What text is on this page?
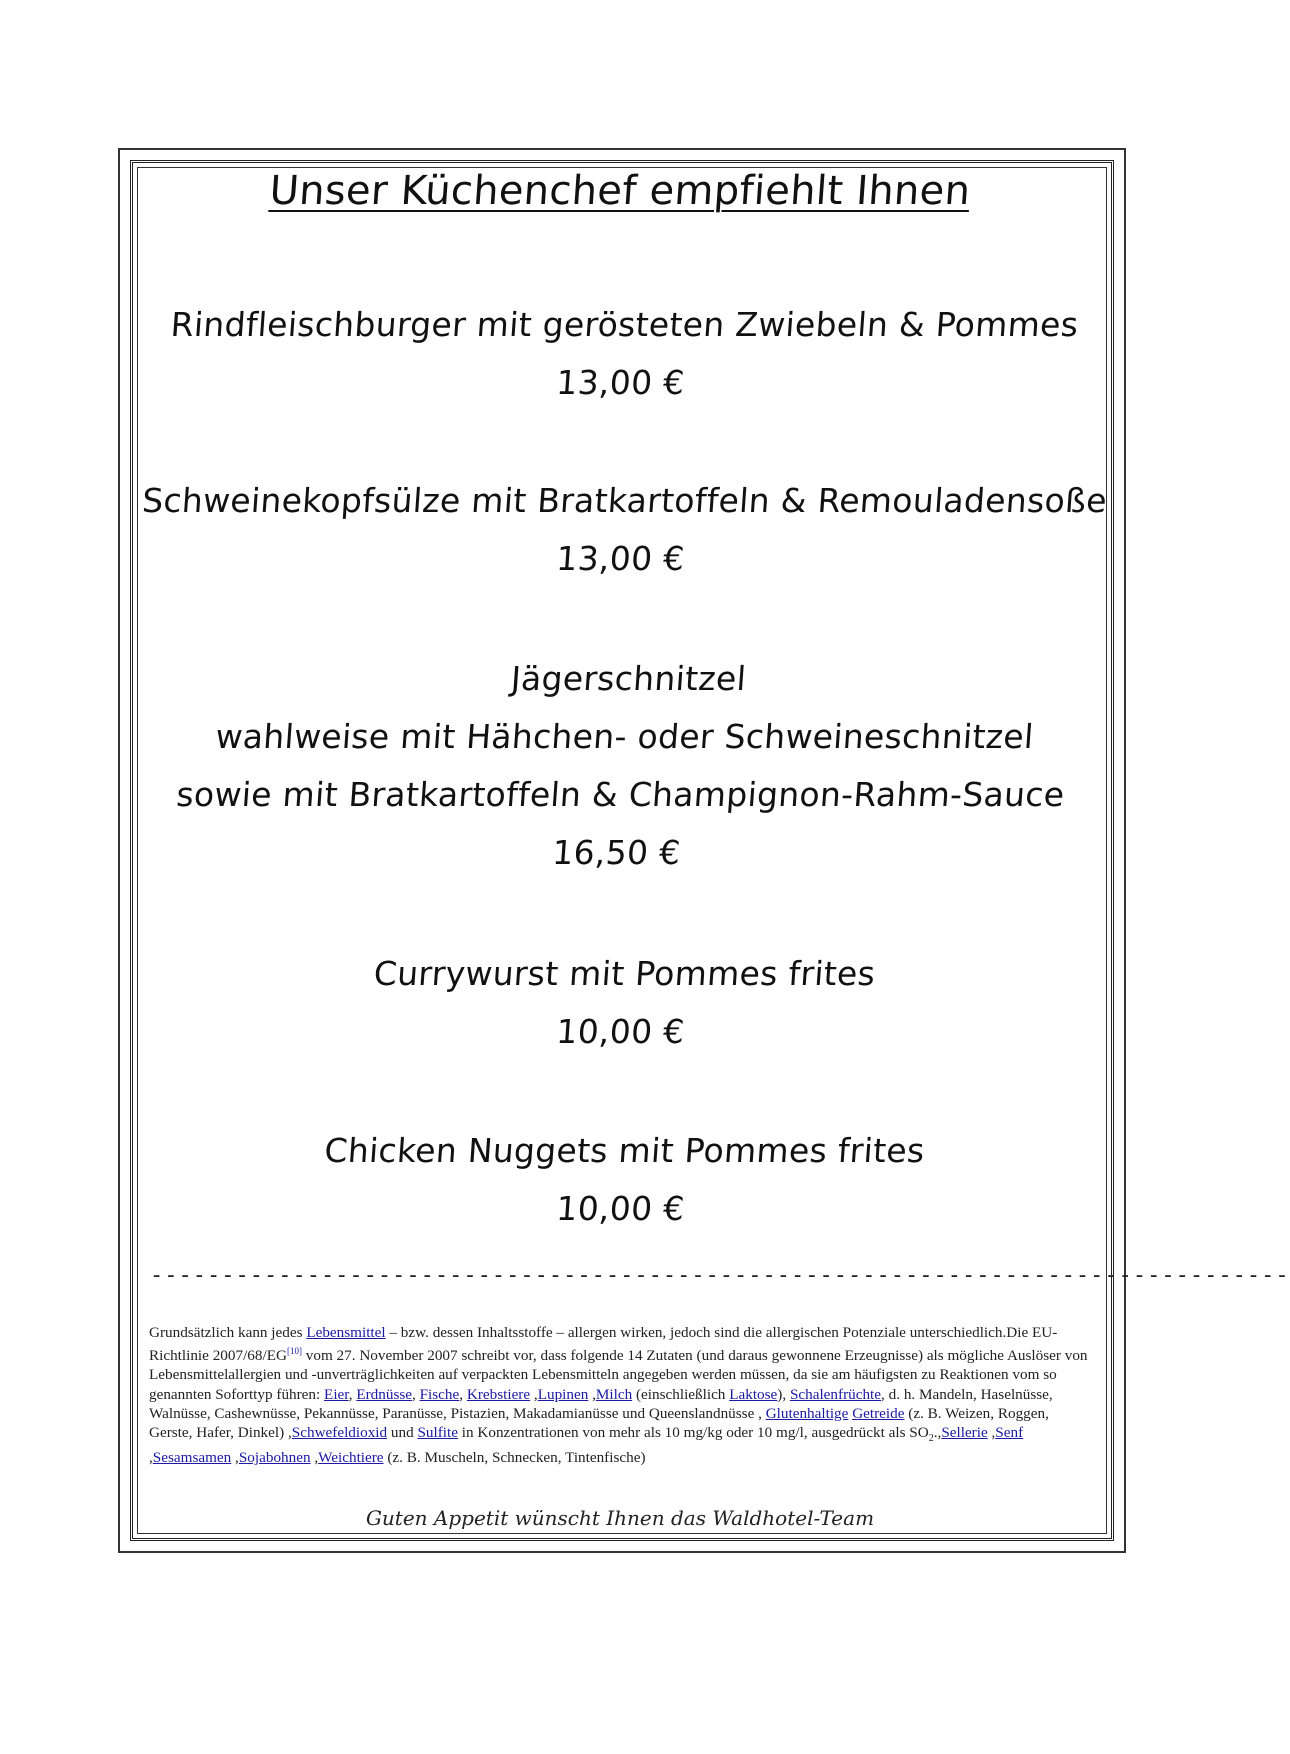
Unser Küchenchef empfiehlt Ihnen
Rindfleischburger mit gerösteten Zwiebeln & Pommes
13,00 €
Schweinekopfsülze mit Bratkartoffeln & Remouladensoße
13,00 €
Jägerschnitzel
wahlweise mit Hähchen- oder Schweineschnitzel
sowie mit Bratkartoffeln & Champignon-Rahm-Sauce
16,50 €
Currywurst mit Pommes frites
10,00 €
Chicken Nuggets mit Pommes frites
10,00 €
--------------------------------------------------------------------------------
Grundsätzlich kann jedes Lebensmittel – bzw. dessen Inhaltsstoffe – allergen wirken, jedoch sind die allergischen Potenziale unterschiedlich.Die EU-Richtlinie 2007/68/EG[10] vom 27. November 2007 schreibt vor, dass folgende 14 Zutaten (und daraus gewonnene Erzeugnisse) als mögliche Auslöser von Lebensmittelallergien und -unverträglichkeiten auf verpackten Lebensmitteln angegeben werden müssen, da sie am häufigsten zu Reaktionen vom so genannten Soforttyp führen: Eier, Erdnüsse, Fische, Krebstiere ,Lupinen ,Milch (einschließlich Laktose), Schalenfrüchte, d. h. Mandeln, Haselnüsse, Walnüsse, Cashewnüsse, Pekannüsse, Paranüsse, Pistazien, Makadamianüsse und Queenslandnüsse , Glutenhaltige Getreide (z. B. Weizen, Roggen, Gerste, Hafer, Dinkel) ,Schwefeldioxid und Sulfite in Konzentrationen von mehr als 10 mg/kg oder 10 mg/l, ausgedrückt als $SO_2.,Sellerie$ ,Senf ,Sesamsamen ,Sojabohnen ,Weichtiere (z. B. Muscheln, Schnecken, Tintenfische)
Guten Appetit wünscht Ihnen das Waldhotel-Team
